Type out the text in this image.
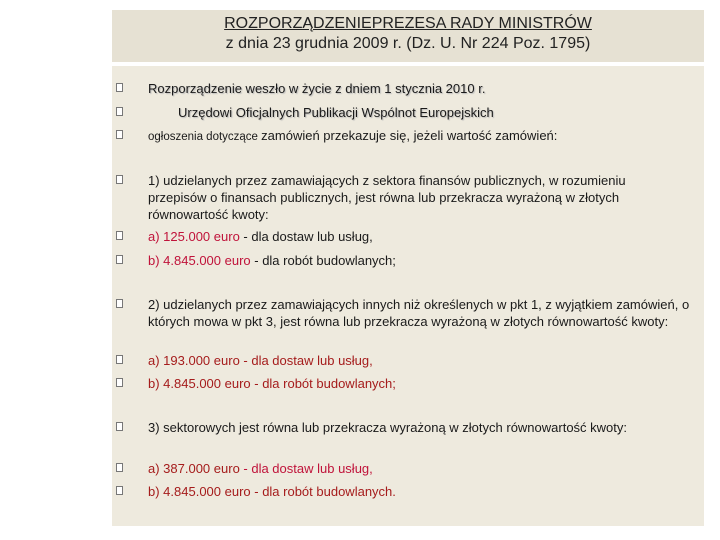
ROZPORZĄDZENIEPREZESA RADY MINISTRÓW
z dnia 23 grudnia 2009 r. (Dz. U. Nr 224 Poz. 1795)
Rozporządzenie weszło w życie z dniem 1 stycznia 2010 r.
Urzędowi Oficjalnych Publikacji Wspólnot Europejskich
ogłoszenia dotyczące zamówień przekazuje się, jeżeli wartość zamówień:
1) udzielanych przez zamawiających z sektora finansów publicznych, w rozumieniu przepisów o finansach publicznych, jest równa lub przekracza wyrażoną w złotych równowartość kwoty:
a) 125.000 euro - dla dostaw lub usług,
b) 4.845.000 euro - dla robót budowlanych;
2) udzielanych przez zamawiających innych niż określenych w pkt 1, z wyjątkiem zamówień, o których mowa w pkt 3, jest równa lub przekracza wyrażoną w złotych równowartość kwoty:
a) 193.000 euro - dla dostaw lub usług,
b) 4.845.000 euro - dla robót budowlanych;
3) sektorowych jest równa lub przekracza wyrażoną w złotych równowartość kwoty:
a) 387.000 euro - dla dostaw lub usług,
b) 4.845.000 euro - dla robót budowlanych.
